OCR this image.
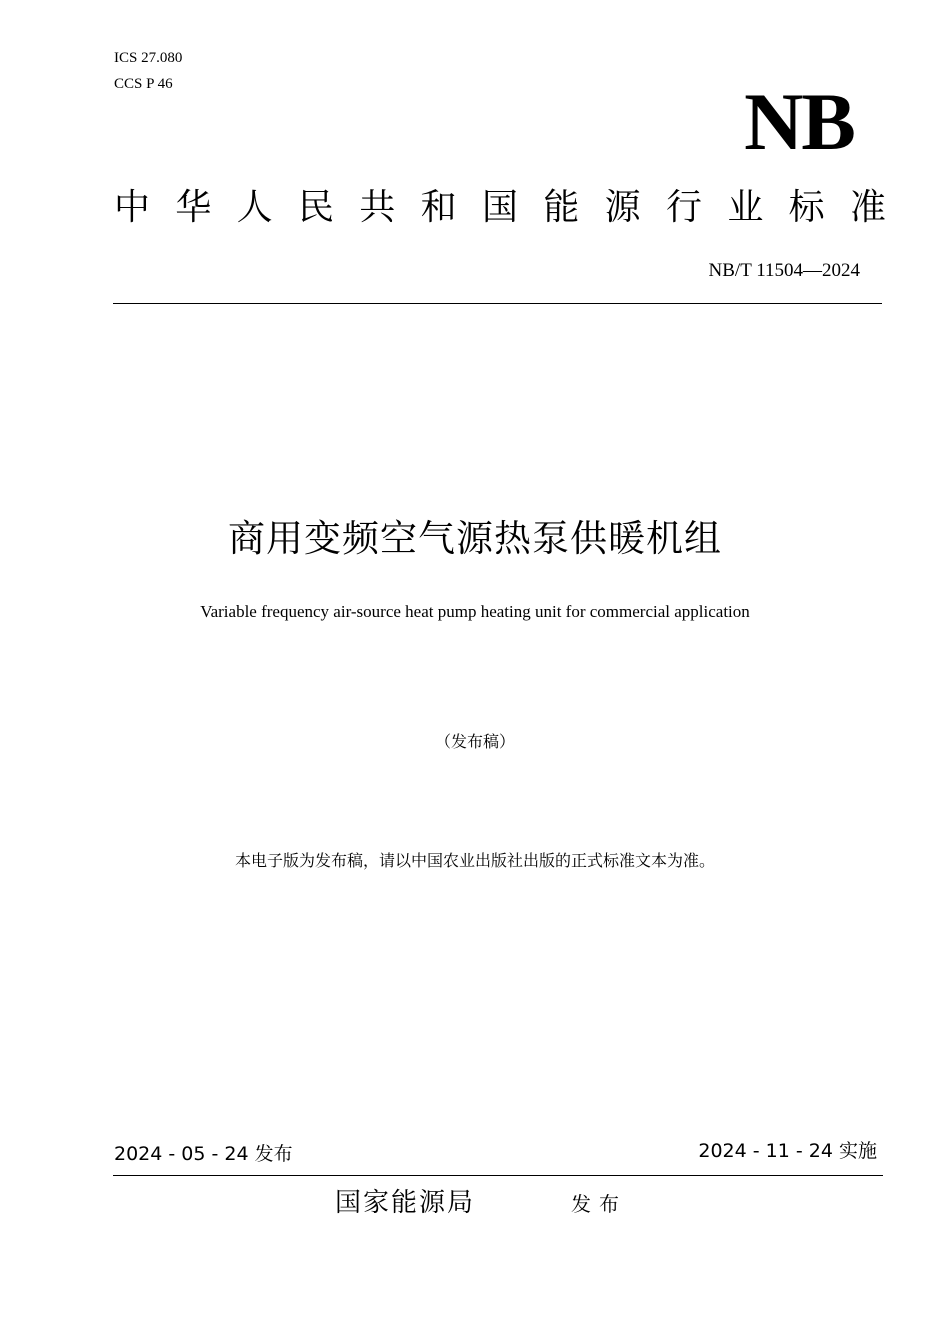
ICS 27.080
CCS P 46	NB
中华人民共和国能源行业标准
NB/T 11504—2024
商用变频空气源热泵供暖机组
Variable frequency air-source heat pump heating unit for commercial application
（发布稿）
本电子版为发布稿，请以中国农业出版社出版的正式标准文本为准。
2024 - 05 - 24 发布	2024 - 11 - 24 实施
国家能源局	发布
